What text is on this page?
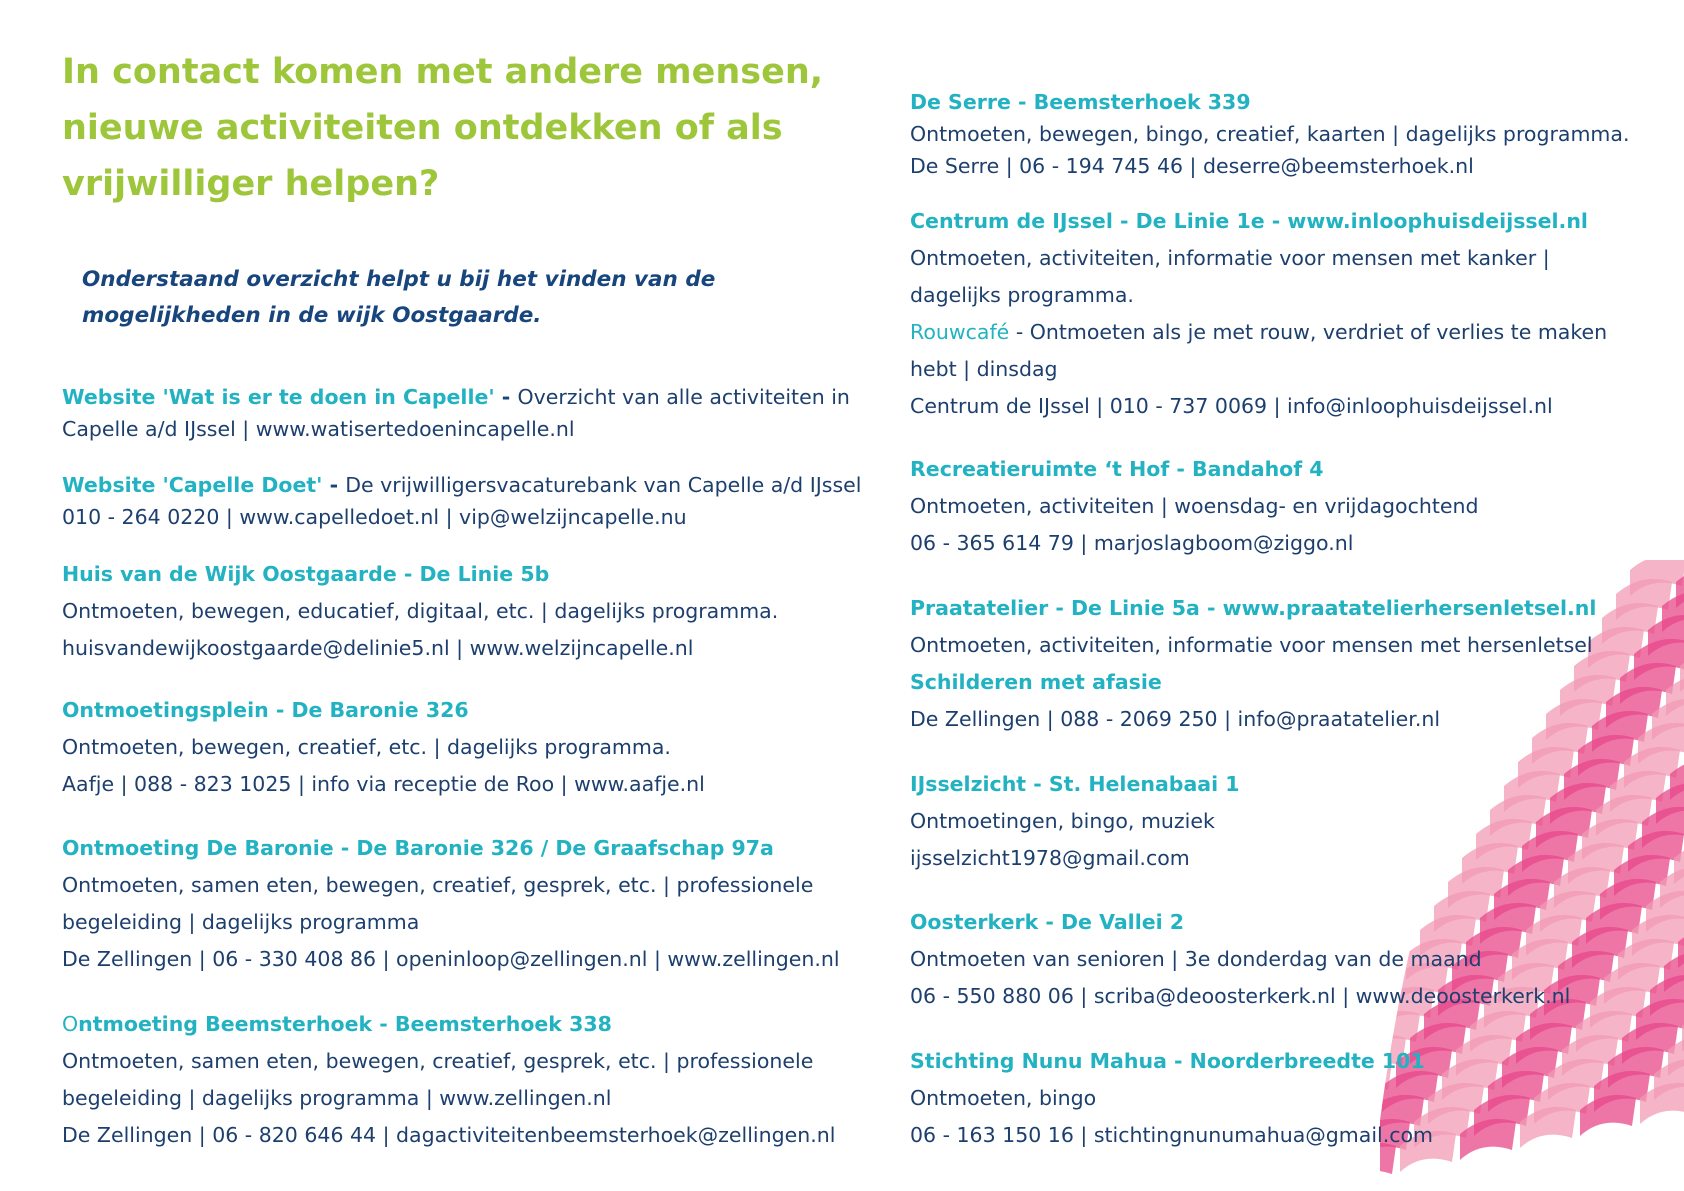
In contact komen met andere mensen, nieuwe activiteiten ontdekken of als vrijwilliger helpen?

Onderstaand overzicht helpt u bij het vinden van de mogelijkheden in de wijk Oostgaarde.

Website 'Wat is er te doen in Capelle' - Overzicht van alle activiteiten in

Capelle a/d IJssel | www.watisertedoenincapelle.nl

Website 'Capelle Doet' - De vrijwilligersvacaturebank van Capelle a/d IJssel

010 - 264 0220 | www.capelledoet.nl | vip@welzijncapelle.nu

Huis van de Wijk Oostgaarde - De Linie 5b

Ontmoeten, bewegen, educatief, digitaal, etc. | dagelijks programma.

huisvandewijkoostgaarde@delinie5.nl | www.welzijncapelle.nl

Ontmoetingsplein - De Baronie 326

Ontmoeten, bewegen, creatief, etc. | dagelijks programma.

Aafje | 088 - 823 1025 | info via receptie de Roo | www.aafje.nl

Ontmoeting De Baronie - De Baronie 326 / De Graafschap 97a

Ontmoeten, samen eten, bewegen, creatief, gesprek, etc. | professionele

begeleiding | dagelijks programma

De Zellingen | 06 - 330 408 86 | openinloop@zellingen.nl | www.zellingen.nl

Ontmoeting Beemsterhoek - Beemsterhoek 338

Ontmoeten, samen eten, bewegen, creatief, gesprek, etc. | professionele

begeleiding | dagelijks programma | www.zellingen.nl

De Zellingen | 06 - 820 646 44 | dagactiviteitenbeemsterhoek@zellingen.nl

De Serre - Beemsterhoek 339

Ontmoeten, bewegen, bingo, creatief, kaarten | dagelijks programma.

De Serre | 06 - 194 745 46 | deserre@beemsterhoek.nl

Centrum de IJssel - De Linie 1e - www.inloophuisdeijssel.nl

Ontmoeten, activiteiten, informatie voor mensen met kanker |

dagelijks programma.

Rouwcafé - Ontmoeten als je met rouw, verdriet of verlies te maken

hebt | dinsdag

Centrum de IJssel | 010 - 737 0069 | info@inloophuisdeijssel.nl

Recreatieruimte ‘t Hof - Bandahof 4

Ontmoeten, activiteiten | woensdag- en vrijdagochtend

06 - 365 614 79 | marjoslagboom@ziggo.nl

Praatatelier - De Linie 5a - www.praatatelierhersenletsel.nl

Ontmoeten, activiteiten, informatie voor mensen met hersenletsel

Schilderen met afasie

De Zellingen | 088 - 2069 250 | info@praatatelier.nl

IJsselzicht - St. Helenabaai 1

Ontmoetingen, bingo, muziek

ijsselzicht1978@gmail.com

Oosterkerk - De Vallei 2

Ontmoeten van senioren | 3e donderdag van de maand

06 - 550 880 06 | scriba@deoosterkerk.nl | www.deoosterkerk.nl

Stichting Nunu Mahua - Noorderbreedte 101

Ontmoeten, bingo

06 - 163 150 16 | stichtingnunumahua@gmail.com
